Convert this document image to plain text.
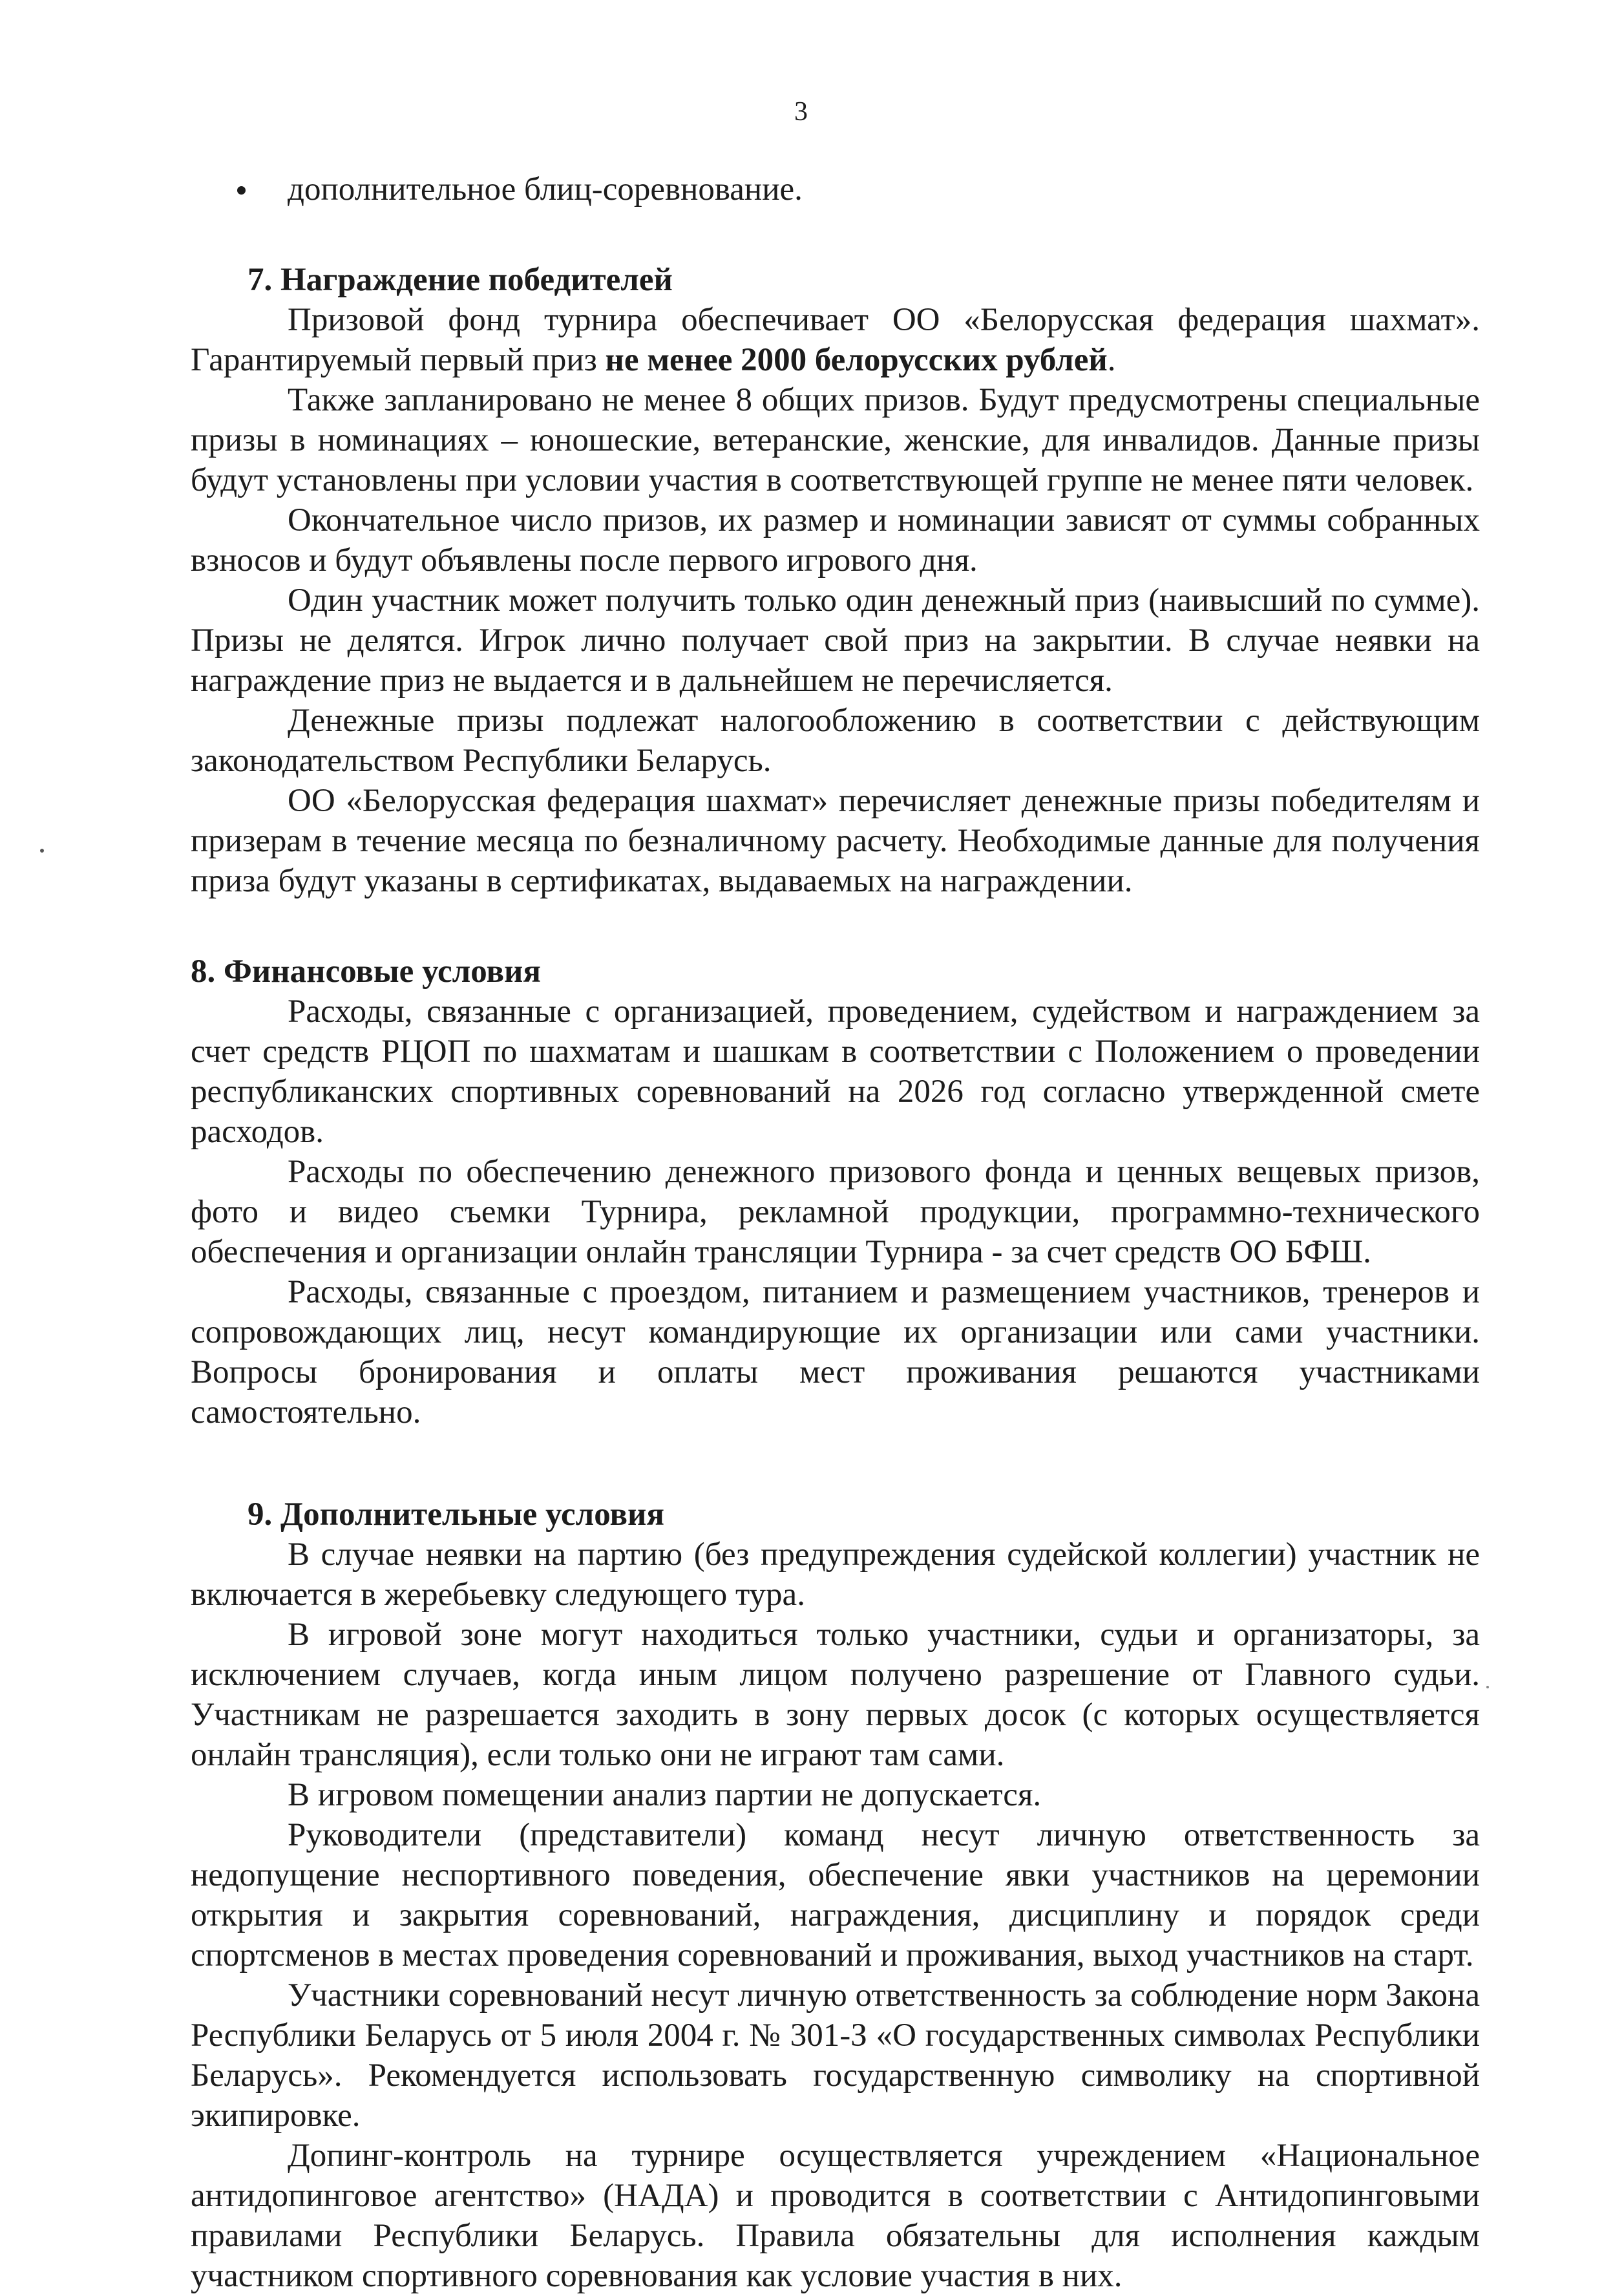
3
дополнительное блиц-соревнование.

7. Награждение победителей

Призовой фонд турнира обеспечивает ОО «Белорусская федерация шахмат». Гарантируемый первый приз не менее 2000 белорусских рублей.

Также запланировано не менее 8 общих призов. Будут предусмотрены специальные призы в номинациях – юношеские, ветеранские, женские, для инвалидов. Данные призы будут установлены при условии участия в соответствующей группе не менее пяти человек.

Окончательное число призов, их размер и номинации зависят от суммы собранных взносов и будут объявлены после первого игрового дня.

Один участник может получить только один денежный приз (наивысший по сумме). Призы не делятся. Игрок лично получает свой приз на закрытии. В случае неявки на награждение приз не выдается и в дальнейшем не перечисляется.

Денежные призы подлежат налогообложению в соответствии с действующим законодательством Республики Беларусь.

ОО «Белорусская федерация шахмат» перечисляет денежные призы победителям и призерам в течение месяца по безналичному расчету. Необходимые данные для получения приза будут указаны в сертификатах, выдаваемых на награждении.

8. Финансовые условия

Расходы, связанные с организацией, проведением, судейством и награждением за счет средств РЦОП по шахматам и шашкам в соответствии с Положением о проведении республиканских спортивных соревнований на 2026 год согласно утвержденной смете расходов.

Расходы по обеспечению денежного призового фонда и ценных вещевых призов, фото и видео съемки Турнира, рекламной продукции, программно-технического обеспечения и организации онлайн трансляции Турнира - за счет средств ОО БФШ.

Расходы, связанные с проездом, питанием и размещением участников, тренеров и сопровождающих лиц, несут командирующие их организации или сами участники. Вопросы бронирования и оплаты мест проживания решаются участниками самостоятельно.

9. Дополнительные условия

В случае неявки на партию (без предупреждения судейской коллегии) участник не включается в жеребьевку следующего тура.

В игровой зоне могут находиться только участники, судьи и организаторы, за исключением случаев, когда иным лицом получено разрешение от Главного судьи. Участникам не разрешается заходить в зону первых досок (с которых осуществляется онлайн трансляция), если только они не играют там сами.

В игровом помещении анализ партии не допускается.

Руководители (представители) команд несут личную ответственность за недопущение неспортивного поведения, обеспечение явки участников на церемонии открытия и закрытия соревнований, награждения, дисциплину и порядок среди спортсменов в местах проведения соревнований и проживания, выход участников на старт.

Участники соревнований несут личную ответственность за соблюдение норм Закона Республики Беларусь от 5 июля 2004 г. № 301-З «О государственных символах Республики Беларусь». Рекомендуется использовать государственную символику на спортивной экипировке.

Допинг-контроль на турнире осуществляется учреждением «Национальное антидопинговое агентство» (НАДА) и проводится в соответствии с Антидопинговыми правилами Республики Беларусь. Правила обязательны для исполнения каждым участником спортивного соревнования как условие участия в них.
